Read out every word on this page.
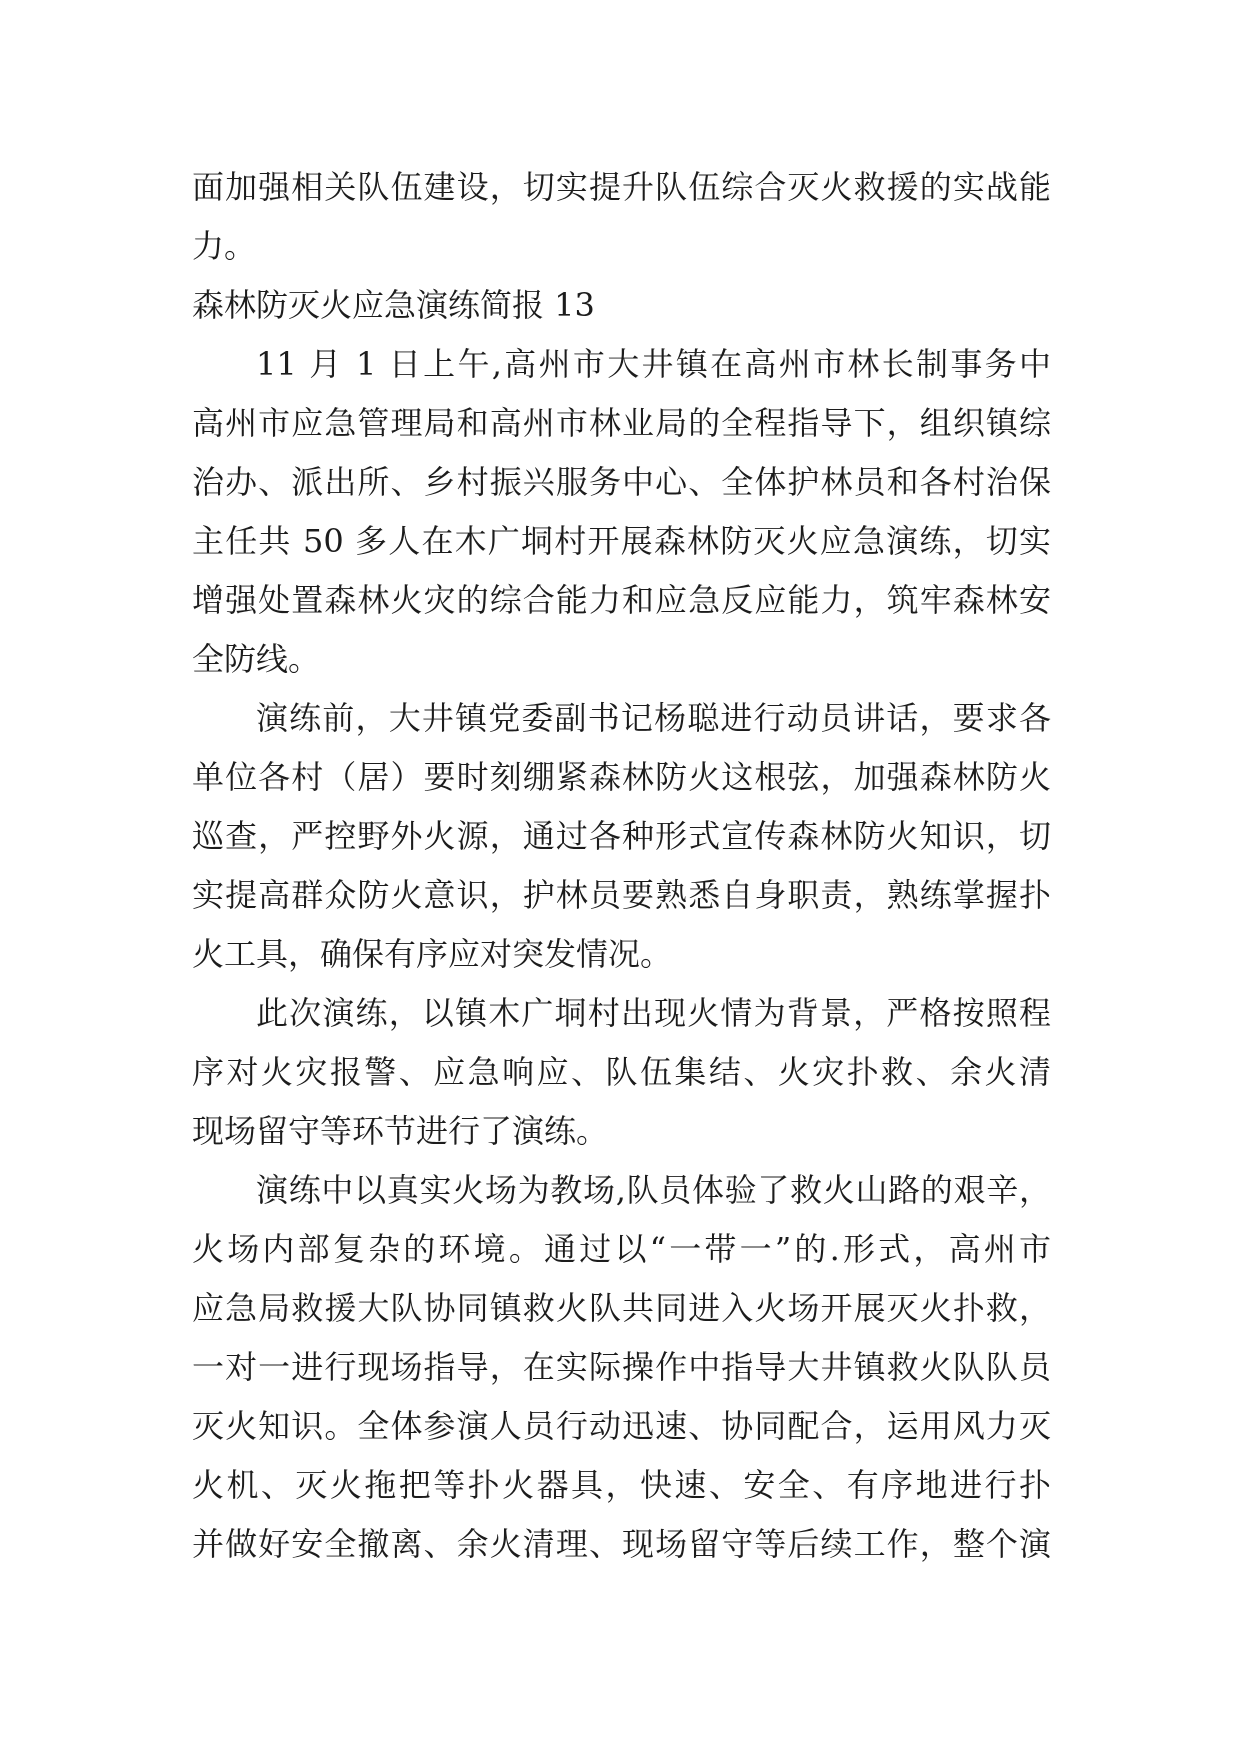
面加强相关队伍建设，切实提升队伍综合灭火救援的实战能
力。
森林防灭火应急演练简报 13
11 月 1 日上午,高州市大井镇在高州市林长制事务中
高州市应急管理局和高州市林业局的全程指导下，组织镇综
治办、派出所、乡村振兴服务中心、全体护林员和各村治保
主任共 50 多人在木广垌村开展森林防灭火应急演练，切实
增强处置森林火灾的综合能力和应急反应能力，筑牢森林安
全防线。
演练前，大井镇党委副书记杨聪进行动员讲话，要求各
单位各村（居）要时刻绷紧森林防火这根弦，加强森林防火
巡查，严控野外火源，通过各种形式宣传森林防火知识，切
实提高群众防火意识，护林员要熟悉自身职责，熟练掌握扑
火工具，确保有序应对突发情况。
此次演练，以镇木广垌村出现火情为背景，严格按照程
序对火灾报警、应急响应、队伍集结、火灾扑救、余火清
现场留守等环节进行了演练。
演练中以真实火场为教场,队员体验了救火山路的艰辛，
火场内部复杂的环境。通过以“一带一”的.形式，高州市
应急局救援大队协同镇救火队共同进入火场开展灭火扑救，
一对一进行现场指导，在实际操作中指导大井镇救火队队员
灭火知识。全体参演人员行动迅速、协同配合，运用风力灭
火机、灭火拖把等扑火器具，快速、安全、有序地进行扑
并做好安全撤离、余火清理、现场留守等后续工作，整个演
